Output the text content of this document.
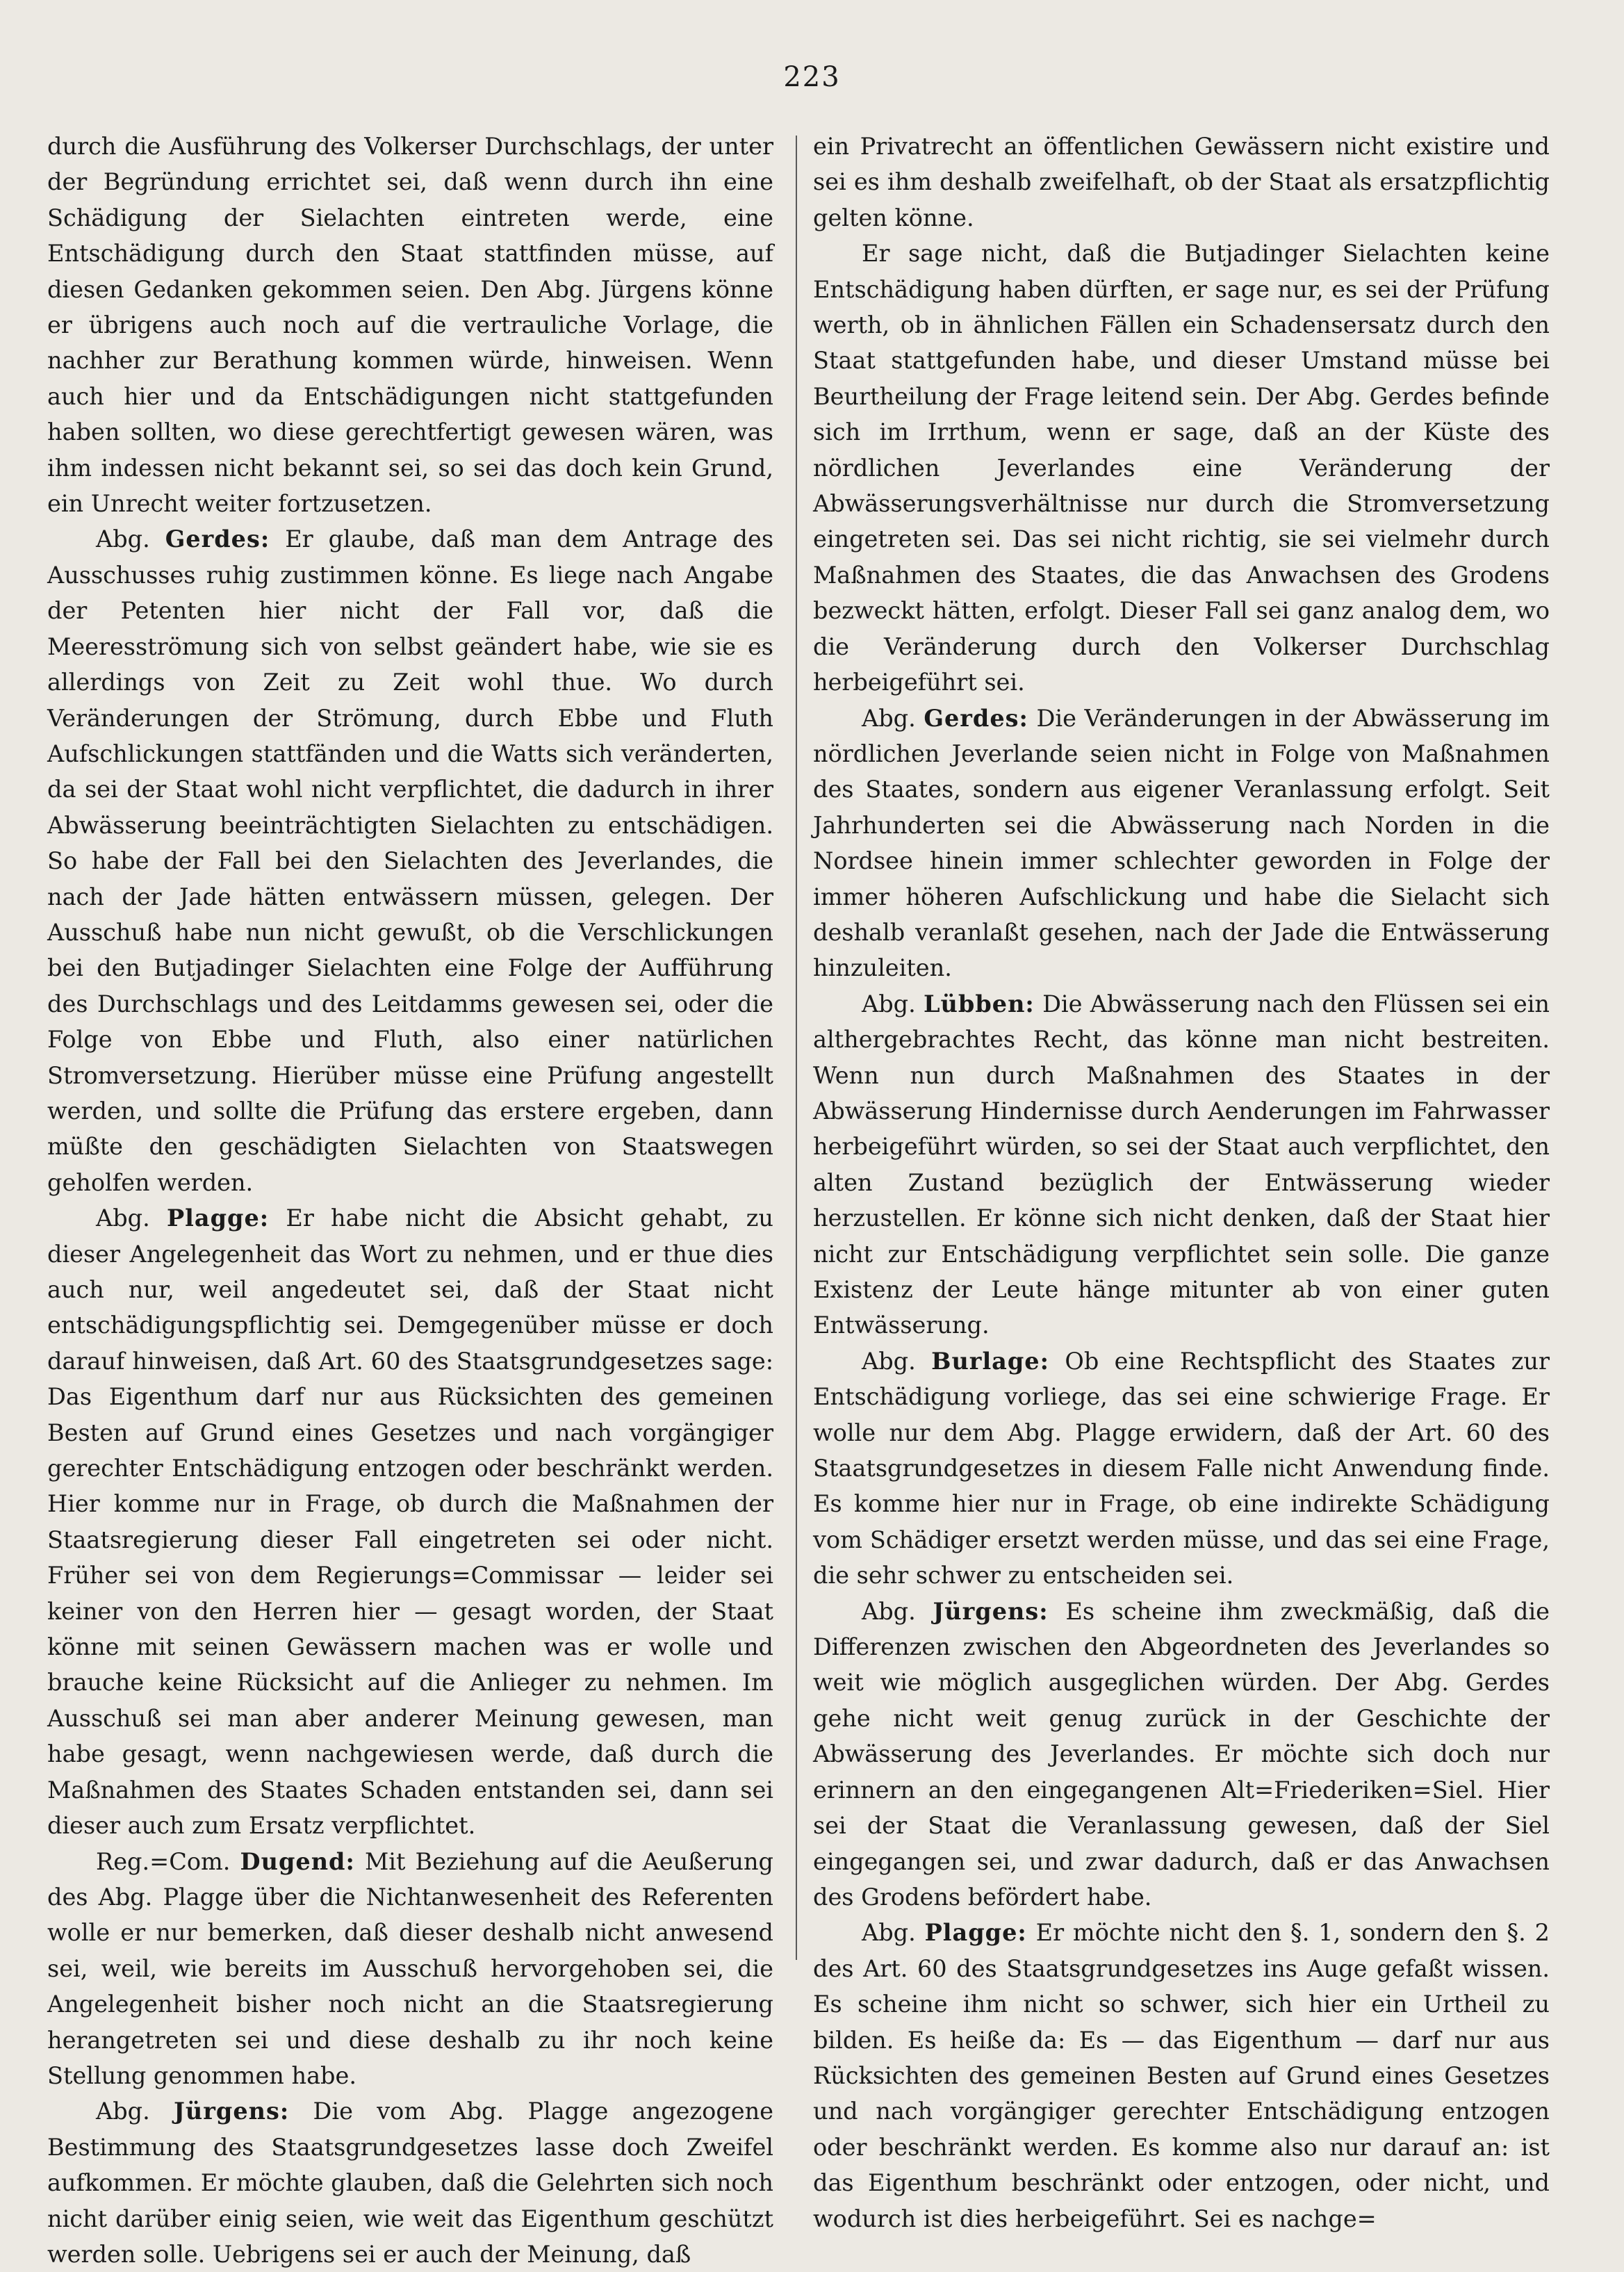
223

durch die Ausführung des Volkerser Durchschlags, der unter der Begründung errichtet sei, daß wenn durch ihn eine Schädigung der Sielachten eintreten werde, eine Entschädigung durch den Staat stattfinden müsse, auf diesen Gedanken gekommen seien. Den Abg. Jürgens könne er übrigens auch noch auf die vertrauliche Vorlage, die nachher zur Berathung kommen würde, hinweisen. Wenn auch hier und da Entschädigungen nicht stattgefunden haben sollten, wo diese gerechtfertigt gewesen wären, was ihm indessen nicht bekannt sei, so sei das doch kein Grund, ein Unrecht weiter fortzusetzen.

Abg. Gerdes: Er glaube, daß man dem Antrage des Ausschusses ruhig zustimmen könne. Es liege nach Angabe der Petenten hier nicht der Fall vor, daß die Meeresströmung sich von selbst geändert habe, wie sie es allerdings von Zeit zu Zeit wohl thue. Wo durch Veränderungen der Strömung, durch Ebbe und Fluth Aufschlickungen stattfänden und die Watts sich veränderten, da sei der Staat wohl nicht verpflichtet, die dadurch in ihrer Abwässerung beeinträchtigten Sielachten zu entschädigen. So habe der Fall bei den Sielachten des Jeverlandes, die nach der Jade hätten entwässern müssen, gelegen. Der Ausschuß habe nun nicht gewußt, ob die Verschlickungen bei den Butjadinger Sielachten eine Folge der Aufführung des Durchschlags und des Leitdamms gewesen sei, oder die Folge von Ebbe und Fluth, also einer natürlichen Stromversetzung. Hierüber müsse eine Prüfung angestellt werden, und sollte die Prüfung das erstere ergeben, dann müßte den geschädigten Sielachten von Staatswegen geholfen werden.

Abg. Plagge: Er habe nicht die Absicht gehabt, zu dieser Angelegenheit das Wort zu nehmen, und er thue dies auch nur, weil angedeutet sei, daß der Staat nicht entschädigungspflichtig sei. Demgegenüber müsse er doch darauf hinweisen, daß Art. 60 des Staatsgrundgesetzes sage: Das Eigenthum darf nur aus Rücksichten des gemeinen Besten auf Grund eines Gesetzes und nach vorgängiger gerechter Entschädigung entzogen oder beschränkt werden. Hier komme nur in Frage, ob durch die Maßnahmen der Staatsregierung dieser Fall eingetreten sei oder nicht. Früher sei von dem Regierungs=Commissar — leider sei keiner von den Herren hier — gesagt worden, der Staat könne mit seinen Gewässern machen was er wolle und brauche keine Rücksicht auf die Anlieger zu nehmen. Im Ausschuß sei man aber anderer Meinung gewesen, man habe gesagt, wenn nachgewiesen werde, daß durch die Maßnahmen des Staates Schaden entstanden sei, dann sei dieser auch zum Ersatz verpflichtet.

Reg.=Com. Dugend: Mit Beziehung auf die Aeußerung des Abg. Plagge über die Nichtanwesenheit des Referenten wolle er nur bemerken, daß dieser deshalb nicht anwesend sei, weil, wie bereits im Ausschuß hervorgehoben sei, die Angelegenheit bisher noch nicht an die Staatsregierung herangetreten sei und diese deshalb zu ihr noch keine Stellung genommen habe.

Abg. Jürgens: Die vom Abg. Plagge angezogene Bestimmung des Staatsgrundgesetzes lasse doch Zweifel aufkommen. Er möchte glauben, daß die Gelehrten sich noch nicht darüber einig seien, wie weit das Eigenthum geschützt werden solle. Uebrigens sei er auch der Meinung, daß

ein Privatrecht an öffentlichen Gewässern nicht existire und sei es ihm deshalb zweifelhaft, ob der Staat als ersatzpflichtig gelten könne.

Er sage nicht, daß die Butjadinger Sielachten keine Entschädigung haben dürften, er sage nur, es sei der Prüfung werth, ob in ähnlichen Fällen ein Schadensersatz durch den Staat stattgefunden habe, und dieser Umstand müsse bei Beurtheilung der Frage leitend sein. Der Abg. Gerdes befinde sich im Irrthum, wenn er sage, daß an der Küste des nördlichen Jeverlandes eine Veränderung der Abwässerungsverhältnisse nur durch die Stromversetzung eingetreten sei. Das sei nicht richtig, sie sei vielmehr durch Maßnahmen des Staates, die das Anwachsen des Grodens bezweckt hätten, erfolgt. Dieser Fall sei ganz analog dem, wo die Veränderung durch den Volkerser Durchschlag herbeigeführt sei.

Abg. Gerdes: Die Veränderungen in der Abwässerung im nördlichen Jeverlande seien nicht in Folge von Maßnahmen des Staates, sondern aus eigener Veranlassung erfolgt. Seit Jahrhunderten sei die Abwässerung nach Norden in die Nordsee hinein immer schlechter geworden in Folge der immer höheren Aufschlickung und habe die Sielacht sich deshalb veranlaßt gesehen, nach der Jade die Entwässerung hinzuleiten.

Abg. Lübben: Die Abwässerung nach den Flüssen sei ein althergebrachtes Recht, das könne man nicht bestreiten. Wenn nun durch Maßnahmen des Staates in der Abwässerung Hindernisse durch Aenderungen im Fahrwasser herbeigeführt würden, so sei der Staat auch verpflichtet, den alten Zustand bezüglich der Entwässerung wieder herzustellen. Er könne sich nicht denken, daß der Staat hier nicht zur Entschädigung verpflichtet sein solle. Die ganze Existenz der Leute hänge mitunter ab von einer guten Entwässerung.

Abg. Burlage: Ob eine Rechtspflicht des Staates zur Entschädigung vorliege, das sei eine schwierige Frage. Er wolle nur dem Abg. Plagge erwidern, daß der Art. 60 des Staatsgrundgesetzes in diesem Falle nicht Anwendung finde. Es komme hier nur in Frage, ob eine indirekte Schädigung vom Schädiger ersetzt werden müsse, und das sei eine Frage, die sehr schwer zu entscheiden sei.

Abg. Jürgens: Es scheine ihm zweckmäßig, daß die Differenzen zwischen den Abgeordneten des Jeverlandes so weit wie möglich ausgeglichen würden. Der Abg. Gerdes gehe nicht weit genug zurück in der Geschichte der Abwässerung des Jeverlandes. Er möchte sich doch nur erinnern an den eingegangenen Alt=Friederiken=Siel. Hier sei der Staat die Veranlassung gewesen, daß der Siel eingegangen sei, und zwar dadurch, daß er das Anwachsen des Grodens befördert habe.

Abg. Plagge: Er möchte nicht den §. 1, sondern den §. 2 des Art. 60 des Staatsgrundgesetzes ins Auge gefaßt wissen. Es scheine ihm nicht so schwer, sich hier ein Urtheil zu bilden. Es heiße da: Es — das Eigenthum — darf nur aus Rücksichten des gemeinen Besten auf Grund eines Gesetzes und nach vorgängiger gerechter Entschädigung entzogen oder beschränkt werden. Es komme also nur darauf an: ist das Eigenthum beschränkt oder entzogen, oder nicht, und wodurch ist dies herbeigeführt. Sei es nachge=
